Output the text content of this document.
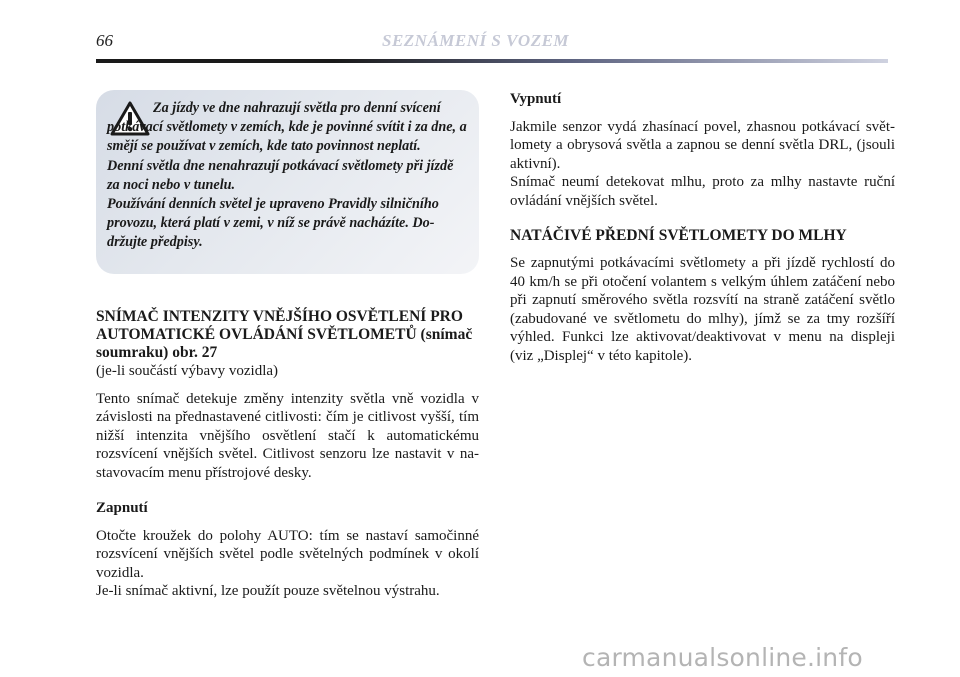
66	SEZNÁMENÍ S VOZEM

Za jízdy ve dne nahrazují světla pro denní svícení potkávací světlomety v zemích, kde je povinné svítit i za dne, a smějí se používat v zemích, kde tato povinnost neplatí.

Denní světla dne nenahrazují potkávací světlomety při jízdě za noci nebo v tunelu.

Používání denních světel je upraveno Pravidly silničního provozu, která platí v zemi, v níž se právě nacházíte. Dodržujte předpisy.

SNÍMAČ INTENZITY VNĚJŠÍHO OSVĚTLENÍ PRO AUTOMATICKÉ OVLÁDÁNÍ SVĚTLOMETŮ (snímač soumraku) obr. 27

(je-li součástí výbavy vozidla)

Tento snímač detekuje změny intenzity světla vně vozidla v závislosti na přednastavené citlivosti: čím je citlivost vyšší, tím nižší intenzita vnějšího osvětlení stačí k automatickému rozsvícení vnějších světel. Citlivost senzoru lze nastavit v nastavovacím menu přístrojové desky.

Zapnutí

Otočte kroužek do polohy AUTO: tím se nastaví samočinné rozsvícení vnějších světel podle světelných podmínek v okolí vozidla.

Je-li snímač aktivní, lze použít pouze světelnou výstrahu.

Vypnutí

Jakmile senzor vydá zhasínací povel, zhasnou potkávací světlomety a obrysová světla a zapnou se denní světla DRL, (jsouli aktivní).

Snímač neumí detekovat mlhu, proto za mlhy nastavte ruční ovládání vnějších světel.

NATÁČIVÉ PŘEDNÍ SVĚTLOMETY DO MLHY

Se zapnutými potkávacími světlomety a při jízdě rychlostí do 40 km/h se při otočení volantem s velkým úhlem zatáčení nebo při zapnutí směrového světla rozsvítí na straně zatáčení světlo (zabudované ve světlometu do mlhy), jímž se za tmy rozšíří výhled. Funkci lze aktivovat/deaktivovat v menu na displeji (viz „Displej“ v této kapitole).

carmanualsonline.info
